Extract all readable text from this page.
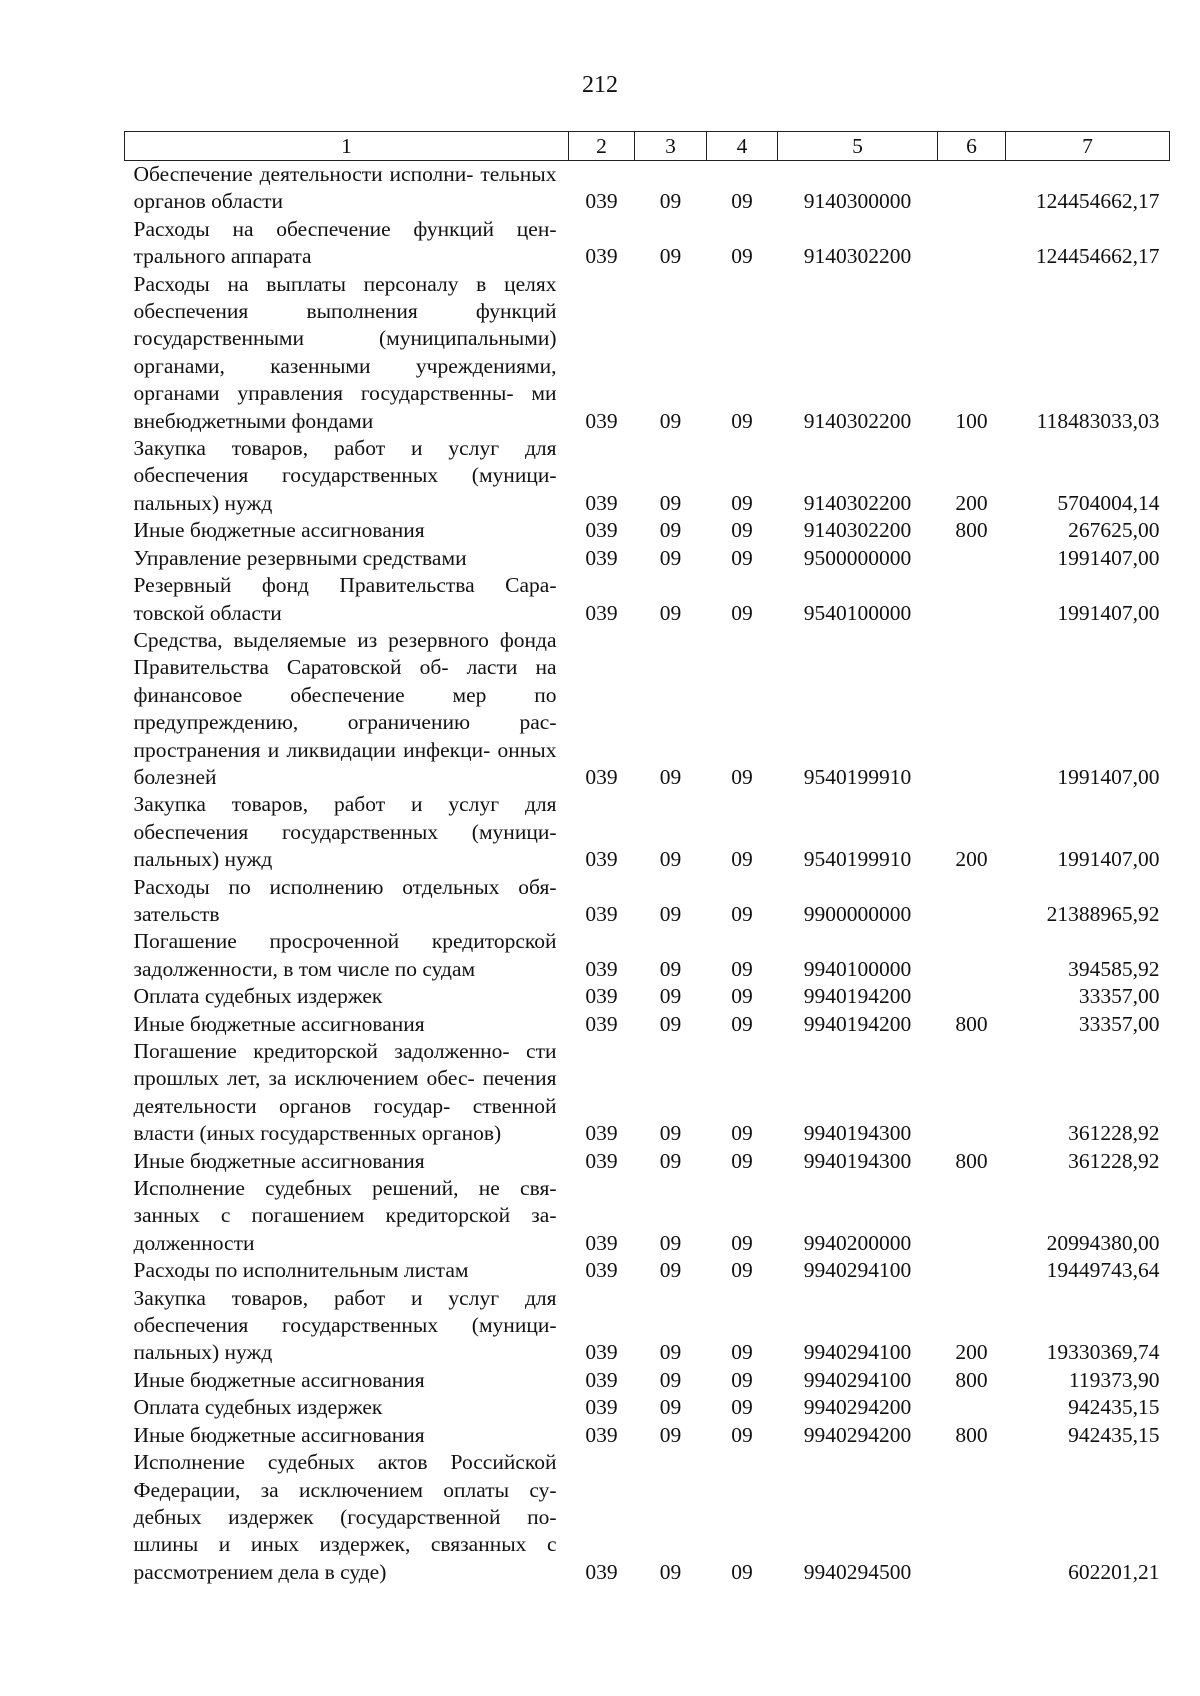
212
1	2	3	4	5	6	7
Обеспечение деятельности исполни- тельных органов области	039	09	09	9140300000		124454662,17
Расходы на обеспечение функций цен- трального аппарата	039	09	09	9140302200		124454662,17
Расходы на выплаты персоналу в целях обеспечения выполнения функций государственными (муниципальными) органами, казенными учреждениями, органами управления государственны- ми внебюджетными фондами	039	09	09	9140302200	100	118483033,03
Закупка товаров, работ и услуг для обеспечения государственных (муници- пальных) нужд	039	09	09	9140302200	200	5704004,14
Иные бюджетные ассигнования	039	09	09	9140302200	800	267625,00
Управление резервными средствами	039	09	09	9500000000		1991407,00
Резервный фонд Правительства Сара- товской области	039	09	09	9540100000		1991407,00
Средства, выделяемые из резервного фонда Правительства Саратовской об- ласти на финансовое обеспечение мер по предупреждению, ограничению рас- пространения и ликвидации инфекци- онных болезней	039	09	09	9540199910		1991407,00
Закупка товаров, работ и услуг для обеспечения государственных (муници- пальных) нужд	039	09	09	9540199910	200	1991407,00
Расходы по исполнению отдельных обя- зательств	039	09	09	9900000000		21388965,92
Погашение просроченной кредиторской задолженности, в том числе по судам	039	09	09	9940100000		394585,92
Оплата судебных издержек	039	09	09	9940194200		33357,00
Иные бюджетные ассигнования	039	09	09	9940194200	800	33357,00
Погашение кредиторской задолженно- сти прошлых лет, за исключением обес- печения деятельности органов государ- ственной власти (иных государственных органов)	039	09	09	9940194300		361228,92
Иные бюджетные ассигнования	039	09	09	9940194300	800	361228,92
Исполнение судебных решений, не свя- занных с погашением кредиторской за- долженности	039	09	09	9940200000		20994380,00
Расходы по исполнительным листам	039	09	09	9940294100		19449743,64
Закупка товаров, работ и услуг для обеспечения государственных (муници- пальных) нужд	039	09	09	9940294100	200	19330369,74
Иные бюджетные ассигнования	039	09	09	9940294100	800	119373,90
Оплата судебных издержек	039	09	09	9940294200		942435,15
Иные бюджетные ассигнования	039	09	09	9940294200	800	942435,15
Исполнение судебных актов Российской Федерации, за исключением оплаты су- дебных издержек (государственной по- шлины и иных издержек, связанных с рассмотрением дела в суде)	039	09	09	9940294500		602201,21
